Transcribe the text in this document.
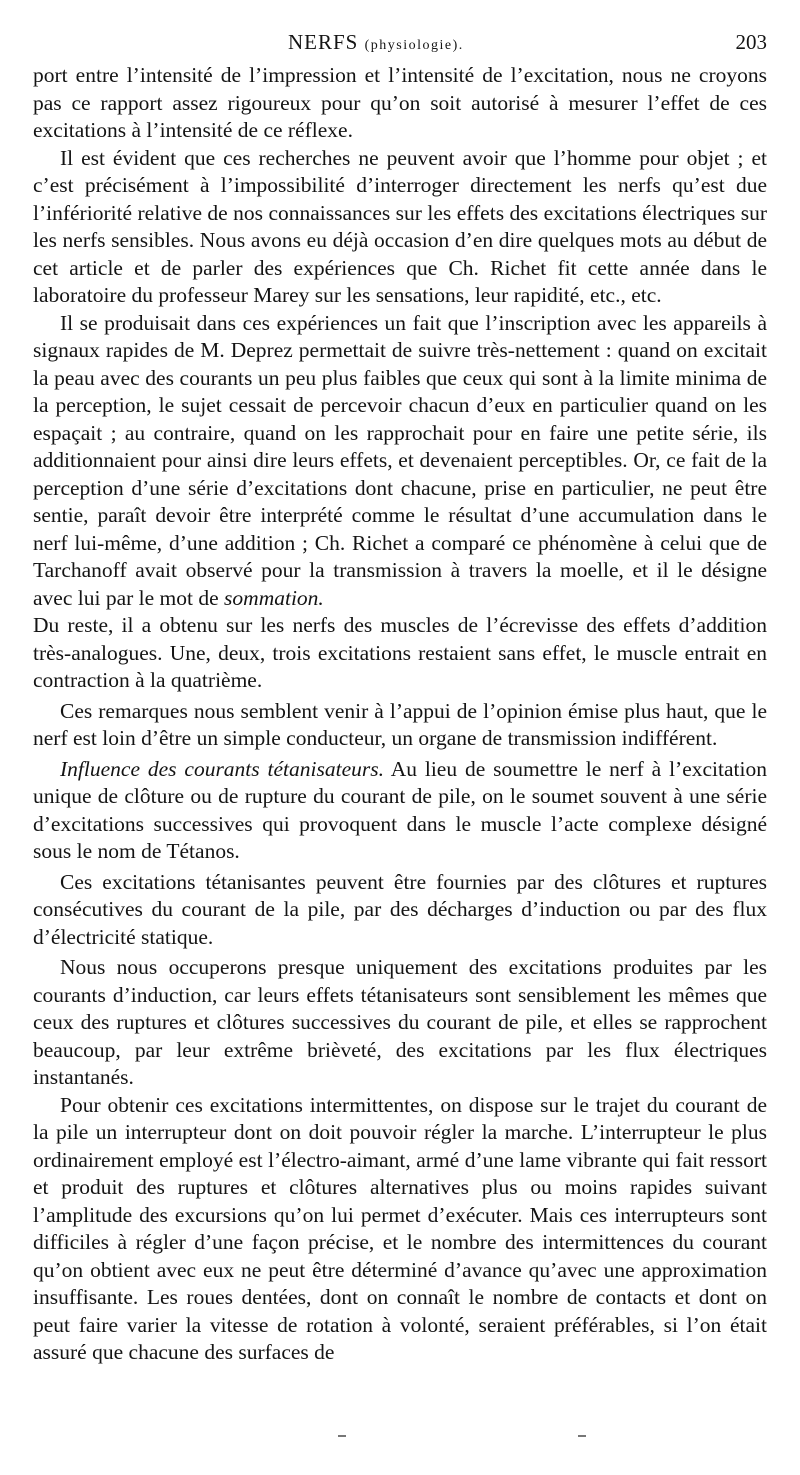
NERFS (physiologie).	203

port entre l’intensité de l’impression et l’intensité de l’excitation, nous ne croyons pas ce rapport assez rigoureux pour qu’on soit autorisé à mesurer l’effet de ces excitations à l’intensité de ce réflexe.

Il est évident que ces recherches ne peuvent avoir que l’homme pour objet ; et c’est précisément à l’impossibilité d’interroger directement les nerfs qu’est due l’infériorité relative de nos connaissances sur les effets des excitations électriques sur les nerfs sensibles. Nous avons eu déjà occasion d’en dire quelques mots au début de cet article et de parler des expériences que Ch. Richet fit cette année dans le laboratoire du professeur Marey sur les sensations, leur rapidité, etc., etc.

Il se produisait dans ces expériences un fait que l’inscription avec les appareils à signaux rapides de M. Deprez permettait de suivre très-nettement : quand on excitait la peau avec des courants un peu plus faibles que ceux qui sont à la limite minima de la perception, le sujet cessait de percevoir chacun d’eux en particulier quand on les espaçait ; au contraire, quand on les rapprochait pour en faire une petite série, ils additionnaient pour ainsi dire leurs effets, et devenaient perceptibles. Or, ce fait de la perception d’une série d’excitations dont chacune, prise en particulier, ne peut être sentie, paraît devoir être interprété comme le résultat d’une accumulation dans le nerf lui-même, d’une addition ; Ch. Richet a comparé ce phénomène à celui que de Tarchanoff avait observé pour la transmission à travers la moelle, et il le désigne avec lui par le mot de sommation.

Du reste, il a obtenu sur les nerfs des muscles de l’écrevisse des effets d’addition très-analogues. Une, deux, trois excitations restaient sans effet, le muscle entrait en contraction à la quatrième.

Ces remarques nous semblent venir à l’appui de l’opinion émise plus haut, que le nerf est loin d’être un simple conducteur, un organe de transmission indifférent.

Influence des courants tétanisateurs. Au lieu de soumettre le nerf à l’excitation unique de clôture ou de rupture du courant de pile, on le soumet souvent à une série d’excitations successives qui provoquent dans le muscle l’acte complexe désigné sous le nom de Tétanos.

Ces excitations tétanisantes peuvent être fournies par des clôtures et ruptures consécutives du courant de la pile, par des décharges d’induction ou par des flux d’électricité statique.

Nous nous occuperons presque uniquement des excitations produites par les courants d’induction, car leurs effets tétanisateurs sont sensiblement les mêmes que ceux des ruptures et clôtures successives du courant de pile, et elles se rapprochent beaucoup, par leur extrême brièveté, des excitations par les flux électriques instantanés.

Pour obtenir ces excitations intermittentes, on dispose sur le trajet du courant de la pile un interrupteur dont on doit pouvoir régler la marche. L’interrupteur le plus ordinairement employé est l’électro-aimant, armé d’une lame vibrante qui fait ressort et produit des ruptures et clôtures alternatives plus ou moins rapides suivant l’amplitude des excursions qu’on lui permet d’exécuter. Mais ces interrupteurs sont difficiles à régler d’une façon précise, et le nombre des intermittences du courant qu’on obtient avec eux ne peut être déterminé d’avance qu’avec une approximation insuffisante. Les roues dentées, dont on connaît le nombre de contacts et dont on peut faire varier la vitesse de rotation à volonté, seraient préférables, si l’on était assuré que chacune des surfaces de
